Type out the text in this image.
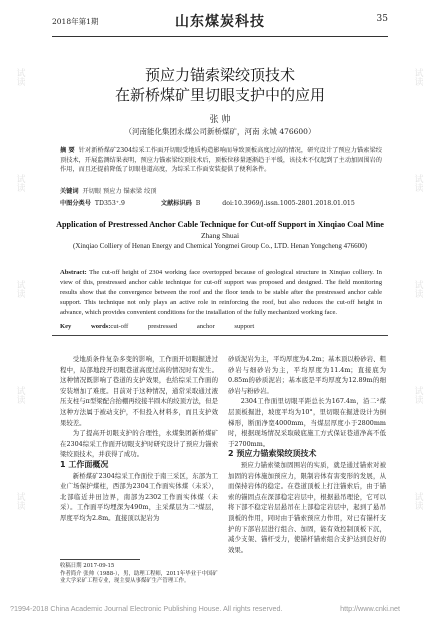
2018年第1期	山东煤炭科技	35
试读
试读
试读
试读
试读
试读
试读
试读
试读
试读
预应力锚索梁绞顶技术
在新桥煤矿里切眼支护中的应用
张 帅
（河南能化集团永煤公司新桥煤矿，河南 永城 476600）
摘 要 针对新桥煤矿2304综采工作面开切眼受地质构造影响而导致顶板高度过高的情况，研究设计了预应力锚索梁绞顶技术，开展监测结果表明，预应力锚索梁绞顶技术后，顶板位移量逐渐趋于平缓，该技术不仅起到了主动加固围岩的作用，而且还提前降低了切眼巷道高度，为综采工作面安装提供了便利条件。
关键词 开切眼 预应力 锚索梁 绞顶
中图分类号 TD353⁺.9	文献标识码 B	doi:10.3969/j.issn.1005-2801.2018.01.015
Application of Prestressed Anchor Cable Technique for Cut-off Support in Xinqiao Coal Mine
Zhang Shuai
(Xinqiao Colliery of Henan Energy and Chemical Yongmei Group Co., LTD. Henan Yongcheng 476600)
Abstract: The cut-off height of 2304 working face overtopped because of geological structure in Xinqiao colliery. In view of this, prestressed anchor cable technique for cut-off support was proposed and designed. The field monitoring results show that the convergence between the roof and the floor tends to be stable after the prestressed anchor cable support. This technique not only plays an active role in reinforcing the roof, but also reduces the cut-off height in advance, which provides convenient conditions for the installation of the fully mechanized working face.
Key words:cut-off prestressed anchor support

受地质条件复杂多变的影响，工作面开切眼掘进过程中，局部地段开切眼巷道高度过高的情况时有发生。这种情况既影响了巷道的支护效果，也给综采工作面的安装增加了难度。目前对于这种情况，通常采取通过液压支柱与π型梁配合抬棚再绞接半圆木的绞顶方法，但是这种方法属于被动支护，不但投入材料多，而且支护效果较差。

为了提高开切眼支护的合理性，永煤集团新桥煤矿在2304综采工作面开切眼支护时研究设计了预应力锚索梁绞顶技术，并获得了成功。

1 工作面概况

新桥煤矿2304综采工作面位于南三采区，东部为工业广场保护煤柱，西部为2304工作面实体煤（未采），北部临近井田边界，南部为2302工作面实体煤（未采）。工作面平均埋深为490m，主采煤层为二²煤层，厚度平均为2.8m。直接顶以泥岩为

砂质泥岩为主，平均厚度为4.2m；基本顶以粉砂岩、粗砂岩与细砂岩为主，平均厚度为11.4m；直接底为0.85m的砂质泥岩；基本底是平均厚度为12.89m的细砂岩与粉砂岩。

2304工作面里切眼平距总长为167.4m，沿二²煤层顶板掘进，坡度平均为10°，里切眼在掘进设计为倒梯形，断面净宽4000mm，当煤层厚度小于2800mm时，根据现场情况采取破底施工方式保证巷道净高不低于2700mm。

2 预应力锚索梁绞顶技术

预应力锚索梁加固围岩的实质，就是通过锚索对被加固的岩体施加预应力，限制岩体有害变形的发展，从而保持岩体的稳定。在巷道顶板上打注锚索后，由于锚索的锚固点在深部稳定岩层中，根据悬吊理论，它可以将下部不稳定岩层悬吊在上部稳定岩层中，起到了悬吊顶板的作用，同时由于锚索预应力作用，对已有锚杆支护的下部岩层进行组合、加固，能有效控制顶板下沉，减少支架、锚杆受力，使锚杆锚索组合支护达到良好的效果。

收稿日期 2017-09-15
作者简介 张帅（1988-），男，助理工程师，2011年毕业于中国矿业大学采矿工程专业，现主要从事煤矿生产管理工作。
?1994-2018 China Academic Journal Electronic Publishing House. All rights reserved.	http://www.cnki.net
